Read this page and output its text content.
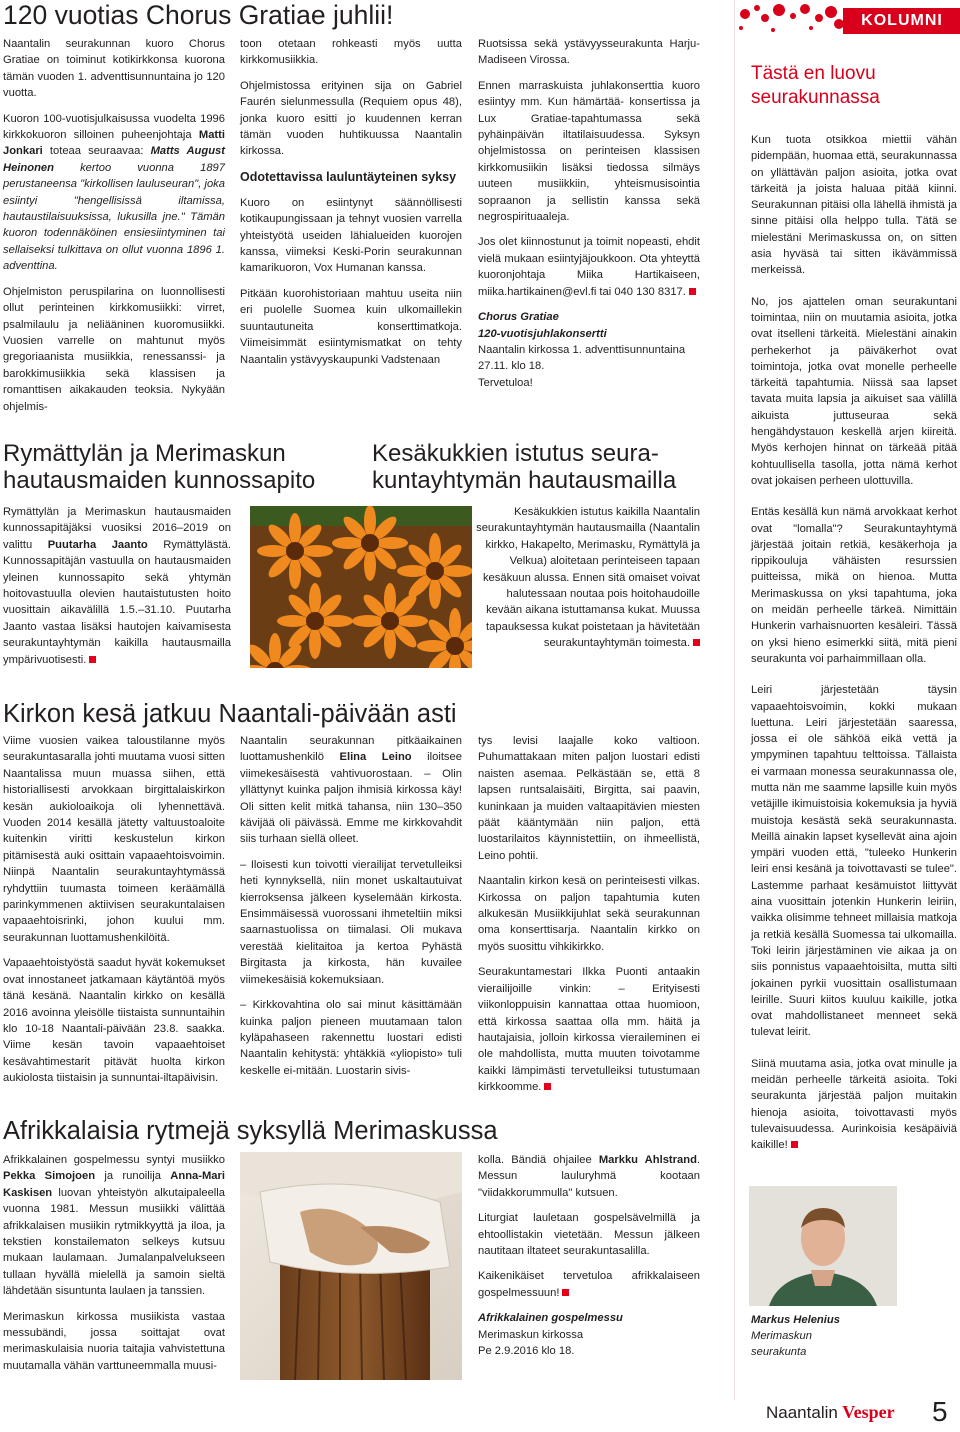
120 vuotias Chorus Gratiae juhlii!

Naantalin seurakunnan kuoro Chorus Gratiae on toiminut kotikirkkonsa kuorona tämän vuoden 1. adventtisunnuntaina jo 120 vuotta.

Kuoron 100-vuotisjulkaisussa vuodelta 1996 kirkkokuoron silloinen puheenjohtaja Matti Jonkari toteaa seuraavaa: Matts August Heinonen kertoo vuonna 1897 perustaneensa "kirkollisen lauluseuran", joka esiintyi "hengellisissä iltamissa, hautaustilaisuuksissa, lukusilla jne." Tämän kuoron todennäköinen ensiesiintyminen tai sellaiseksi tulkittava on ollut vuonna 1896 1. adventtina.

Ohjelmiston peruspilarina on luonnollisesti ollut perinteinen kirkkomusiikki: virret, psalmilaulu ja neliääninen kuoromusiikki. Vuosien varrelle on mahtunut myös gregoriaanista musiikkia, renessanssi- ja barokkimusiikkia sekä klassisen ja romanttisen aikakauden teoksia. Nykyään ohjelmis-

toon otetaan rohkeasti myös uutta kirkkomusiikkia.

Ohjelmistossa erityinen sija on Gabriel Faurén sielunmessulla (Requiem opus 48), jonka kuoro esitti jo kuudennen kerran tämän vuoden huhtikuussa Naantalin kirkossa.

Odotettavissa lauluntäyteinen syksy

Kuoro on esiintynyt säännöllisesti kotikaupungissaan ja tehnyt vuosien varrella yhteistyötä useiden lähialueiden kuorojen kanssa, viimeksi Keski-Porin seurakunnan kamarikuoron, Vox Humanan kanssa.

Pitkään kuorohistoriaan mahtuu useita niin eri puolelle Suomea kuin ulkomaillekin suuntautuneita konserttimatkoja. Viimeisimmät esiintymismatkat on tehty Naantalin ystävyyskaupunki Vadstenaan

Ruotsissa sekä ystävyysseurakunta Harju-Madiseen Virossa.

Ennen marraskuista juhlakonserttia kuoro esiintyy mm. Kun hämärtää- konsertissa ja Lux Gratiae-tapahtumassa sekä pyhäinpäivän iltatilaisuudessa. Syksyn ohjelmistossa on perinteisen klassisen kirkkomusiikin lisäksi tiedossa silmäys uuteen musiikkiin, yhteismusisointia sopraanon ja sellistin kanssa sekä negrospirituaaleja.

Jos olet kiinnostunut ja toimit nopeasti, ehdit vielä mukaan esiintyjäjoukkoon. Ota yhteyttä kuoronjohtaja Miika Hartikaiseen, miika.hartikainen@evl.fi tai 040 130 8317.

Chorus Gratiae
120-vuotisjuhlakonsertti
Naantalin kirkossa 1. adventtisunnuntaina 27.11. klo 18.
Tervetuloa!
Rymättylän ja Merimaskun
hautausmaiden kunnossapito

Rymättylän ja Merimaskun hautausmaiden kunnossapitäjäksi vuosiksi 2016–2019 on valittu Puutarha Jaanto Rymättylästä. Kunnossapitäjän vastuulla on hautausmaiden yleinen kunnossapito sekä yhtymän hoitovastuulla olevien hautaistutusten hoito vuosittain aikavälillä 1.5.–31.10. Puutarha Jaanto vastaa lisäksi hautojen kaivamisesta seurakuntayhtymän kaikilla hautausmailla ympärivuotisesti.

Kesäkukkien istutus seura-
kuntayhtymän hautausmailla

Kesäkukkien istutus kaikilla Naantalin seurakuntayhtymän hautausmailla (Naantalin kirkko, Hakapelto, Merimasku, Rymättylä ja Velkua) aloitetaan perinteiseen tapaan kesäkuun alussa. Ennen sitä omaiset voivat halutessaan noutaa pois hoitohaudoille kevään aikana istuttamansa kukat. Muussa tapauksessa kukat poistetaan ja hävitetään seurakuntayhtymän toimesta.

Kirkon kesä jatkuu Naantali-päivään asti

Viime vuosien vaikea taloustilanne myös seurakuntasaralla johti muutama vuosi sitten Naantalissa muun muassa siihen, että historiallisesti arvokkaan birgittalaiskirkon kesän aukioloaikoja oli lyhennettävä. Vuoden 2014 kesällä jätetty valtuustoaloite kuitenkin viritti keskustelun kirkon pitämisestä auki osittain vapaaehtoisvoimin. Niinpä Naantalin seurakuntayhtymässä ryhdyttiin tuumasta toimeen keräämällä parinkymmenen aktiivisen seurakuntalaisen vapaaehtoisrinki, johon kuului mm. seurakunnan luottamushenkilöitä.

Vapaaehtoistyöstä saadut hyvät kokemukset ovat innostaneet jatkamaan käytäntöä myös tänä kesänä. Naantalin kirkko on kesällä 2016 avoinna yleisölle tiistaista sunnuntaihin klo 10-18 Naantali-päivään 23.8. saakka. Viime kesän tavoin vapaaehtoiset kesävahtimestarit pitävät huolta kirkon aukiolosta tiistaisin ja sunnuntai-iltapäivisin.

Naantalin seurakunnan pitkäaikainen luottamushenkilö Elina Leino iloitsee viimekesäisestä vahtivuorostaan. – Olin yllättynyt kuinka paljon ihmisiä kirkossa käy! Oli sitten kelit mitkä tahansa, niin 130–350 kävijää oli päivässä. Emme me kirkkovahdit siis turhaan siellä olleet.

– Iloisesti kun toivotti vierailijat tervetulleiksi heti kynnyksellä, niin monet uskaltautuivat kierroksensa jälkeen kyselemään kirkosta. Ensimmäisessä vuorossani ihmeteltiin miksi saarnastuolissa on tiimalasi. Oli mukava verestää kielitaitoa ja kertoa Pyhästä Birgitasta ja kirkosta, hän kuvailee viimekesäisiä kokemuksiaan.

– Kirkkovahtina olo sai minut käsittämään kuinka paljon pieneen muutamaan talon kyläpahaseen rakennettu luostari edisti Naantalin kehitystä: yhtäkkiä «yliopisto» tuli keskelle ei-mitään. Luostarin sivis-

tys levisi laajalle koko valtioon. Puhumattakaan miten paljon luostari edisti naisten asemaa. Pelkästään se, että 8 lapsen runtsalaisäiti, Birgitta, sai paavin, kuninkaan ja muiden valtaapitävien miesten päät kääntymään niin paljon, että luostarilaitos käynnistettiin, on ihmeellistä, Leino pohtii.

Naantalin kirkon kesä on perinteisesti vilkas. Kirkossa on paljon tapahtumia kuten alkukesän Musiikkijuhlat sekä seurakunnan oma konserttisarja. Naantalin kirkko on myös suosittu vihkikirkko.

Seurakuntamestari Ilkka Puonti antaakin vierailijoille vinkin: – Erityisesti viikonloppuisin kannattaa ottaa huomioon, että kirkossa saattaa olla mm. häitä ja hautajaisia, jolloin kirkossa vieraileminen ei ole mahdollista, mutta muuten toivotamme kaikki lämpimästi tervetulleiksi tutustumaan kirkkoomme.

Afrikkalaisia rytmejä syksyllä Merimaskussa

Afrikkalainen gospelmessu syntyi musiikko Pekka Simojoen ja runoilija Anna-Mari Kaskisen luovan yhteistyön alkutaipaleella vuonna 1981. Messun musiikki välittää afrikkalaisen musiikin rytmikkyyttä ja iloa, ja tekstien konstailematon selkeys kutsuu mukaan laulamaan. Jumalanpalvelukseen tullaan hyvällä mielellä ja samoin sieltä lähdetään sisuntunta laulaen ja tanssien.

Merimaskun kirkossa musiikista vastaa messubändi, jossa soittajat ovat merimaskulaisia nuoria taitajia vahvistettuna muutamalla vähän varttuneemmalla muusi-

kolla. Bändiä ohjailee Markku Ahlstrand. Messun lauluryhmä kootaan "viidakkorummulla" kutsuen.

Liturgiat lauletaan gospelsävelmillä ja ehtoollistakin vietetään. Messun jälkeen nautitaan iltateet seurakuntasalilla.

Kaikenikäiset tervetuloa afrikkalaiseen gospelmessuun!

Afrikkalainen gospelmessu
Merimaskun kirkossa
Pe 2.9.2016 klo 18.
KOLUMNI
Tästä en luovu seurakunnassa

Kun tuota otsikkoa miettii vähän pidempään, huomaa että, seurakunnassa on yllättävän paljon asioita, jotka ovat tärkeitä ja joista haluaa pitää kiinni. Seurakunnan pitäisi olla lähellä ihmistä ja sinne pitäisi olla helppo tulla. Tätä se mielestäni Merimaskussa on, on sitten asia hyväsä tai sitten ikävämmissä merkeissä.

No, jos ajattelen oman seurakuntani toimintaa, niin on muutamia asioita, jotka ovat itselleni tärkeitä. Mielestäni ainakin perhekerhot ja päiväkerhot ovat toimintoja, jotka ovat monelle perheelle tärkeitä tapahtumia. Niissä saa lapset tavata muita lapsia ja aikuiset saa välillä aikuista juttuseuraa sekä hengähdystauon keskellä arjen kiireitä. Myös kerhojen hinnat on tärkeää pitää kohtuullisella tasolla, jotta nämä kerhot ovat jokaisen perheen ulottuvilla.

Entäs kesällä kun nämä arvokkaat kerhot ovat "lomalla"? Seurakuntayhtymä järjestää joitain retkiä, kesäkerhoja ja rippikouluja vähäisten resurssien puitteissa, mikä on hienoa. Mutta Merimaskussa on yksi tapahtuma, joka on meidän perheelle tärkeä. Nimittäin Hunkerin varhaisnuorten kesäleiri. Tässä on yksi hieno esimerkki siitä, mitä pieni seurakunta voi parhaimmillaan olla.

Leiri järjestetään täysin vapaaehtoisvoimin, kokki mukaan luettuna. Leiri järjestetään saaressa, jossa ei ole sähköä eikä vettä ja ympyminen tapahtuu telttoissa. Tällaista ei varmaan monessa seurakunnassa ole, mutta nän me saamme lapsille kuin myös vetäjille ikimuistoisia kokemuksia ja hyviä muistoja kesästä sekä seurakunnasta. Meillä ainakin lapset kysellevät aina ajoin ympäri vuoden että, "tuleeko Hunkerin leiri ensi kesänä ja toivottavasti se tulee". Lastemme parhaat kesämuistot liittyvät aina vuosittain jotenkin Hunkerin leiriin, vaikka olisimme tehneet millaisia matkoja ja retkiä kesällä Suomessa tai ulkomailla. Toki leirin järjestäminen vie aikaa ja on siis ponnistus vapaaehtoisilta, mutta silti jokainen pyrkii vuosittain osallistumaan leirille. Suuri kiitos kuuluu kaikille, jotka ovat mahdollistaneet menneet sekä tulevat leirit.

Siinä muutama asia, jotka ovat minulle ja meidän perheelle tärkeitä asioita. Toki seurakunta järjestää paljon muitakin hienoja asioita, toivottavasti myös tulevaisuudessa. Aurinkoisia kesäpäiviä kaikille!

Markus Helenius
Merimaskun
seurakunta
Naantalin Vesper 5
